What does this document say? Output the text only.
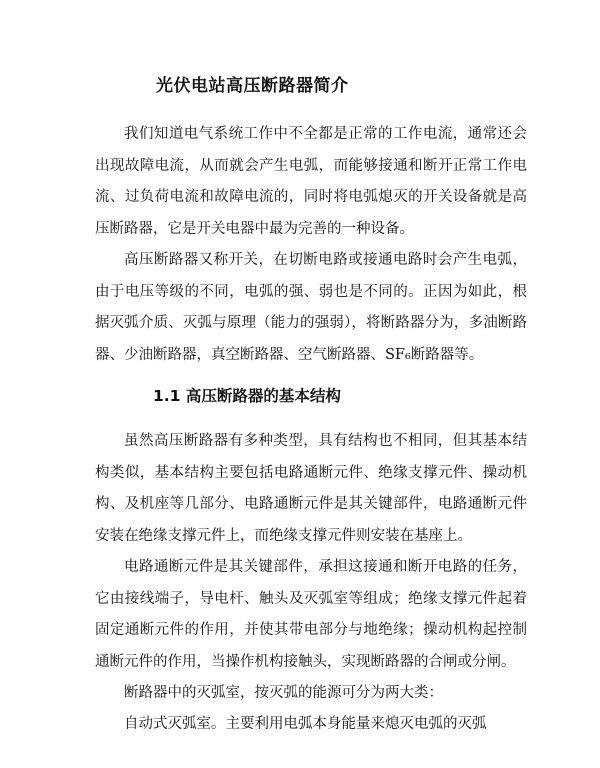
光伏电站高压断路器简介

我们知道电气系统工作中不全都是正常的工作电流，通常还会出现故障电流，从而就会产生电弧，而能够接通和断开正常工作电流、过负荷电流和故障电流的，同时将电弧熄灭的开关设备就是高压断路器，它是开关电器中最为完善的一种设备。

高压断路器又称开关，在切断电路或接通电路时会产生电弧，由于电压等级的不同，电弧的强、弱也是不同的。正因为如此，根据灭弧介质、灭弧与原理（能力的强弱），将断路器分为，多油断路器、少油断路器，真空断路器、空气断路器、SF₆断路器等。

1.1 高压断路器的基本结构

虽然高压断路器有多种类型，具有结构也不相同，但其基本结构类似，基本结构主要包括电路通断元件、绝缘支撑元件、操动机构、及机座等几部分、电路通断元件是其关键部件，电路通断元件安装在绝缘支撑元件上，而绝缘支撑元件则安装在基座上。

电路通断元件是其关键部件，承担这接通和断开电路的任务，它由接线端子，导电杆、触头及灭弧室等组成；绝缘支撑元件起着固定通断元件的作用，并使其带电部分与地绝缘；操动机构起控制通断元件的作用，当操作机构接触头，实现断路器的合闸或分闸。

断路器中的灭弧室，按灭弧的能源可分为两大类：

自动式灭弧室。主要利用电弧本身能量来熄灭电弧的灭弧
